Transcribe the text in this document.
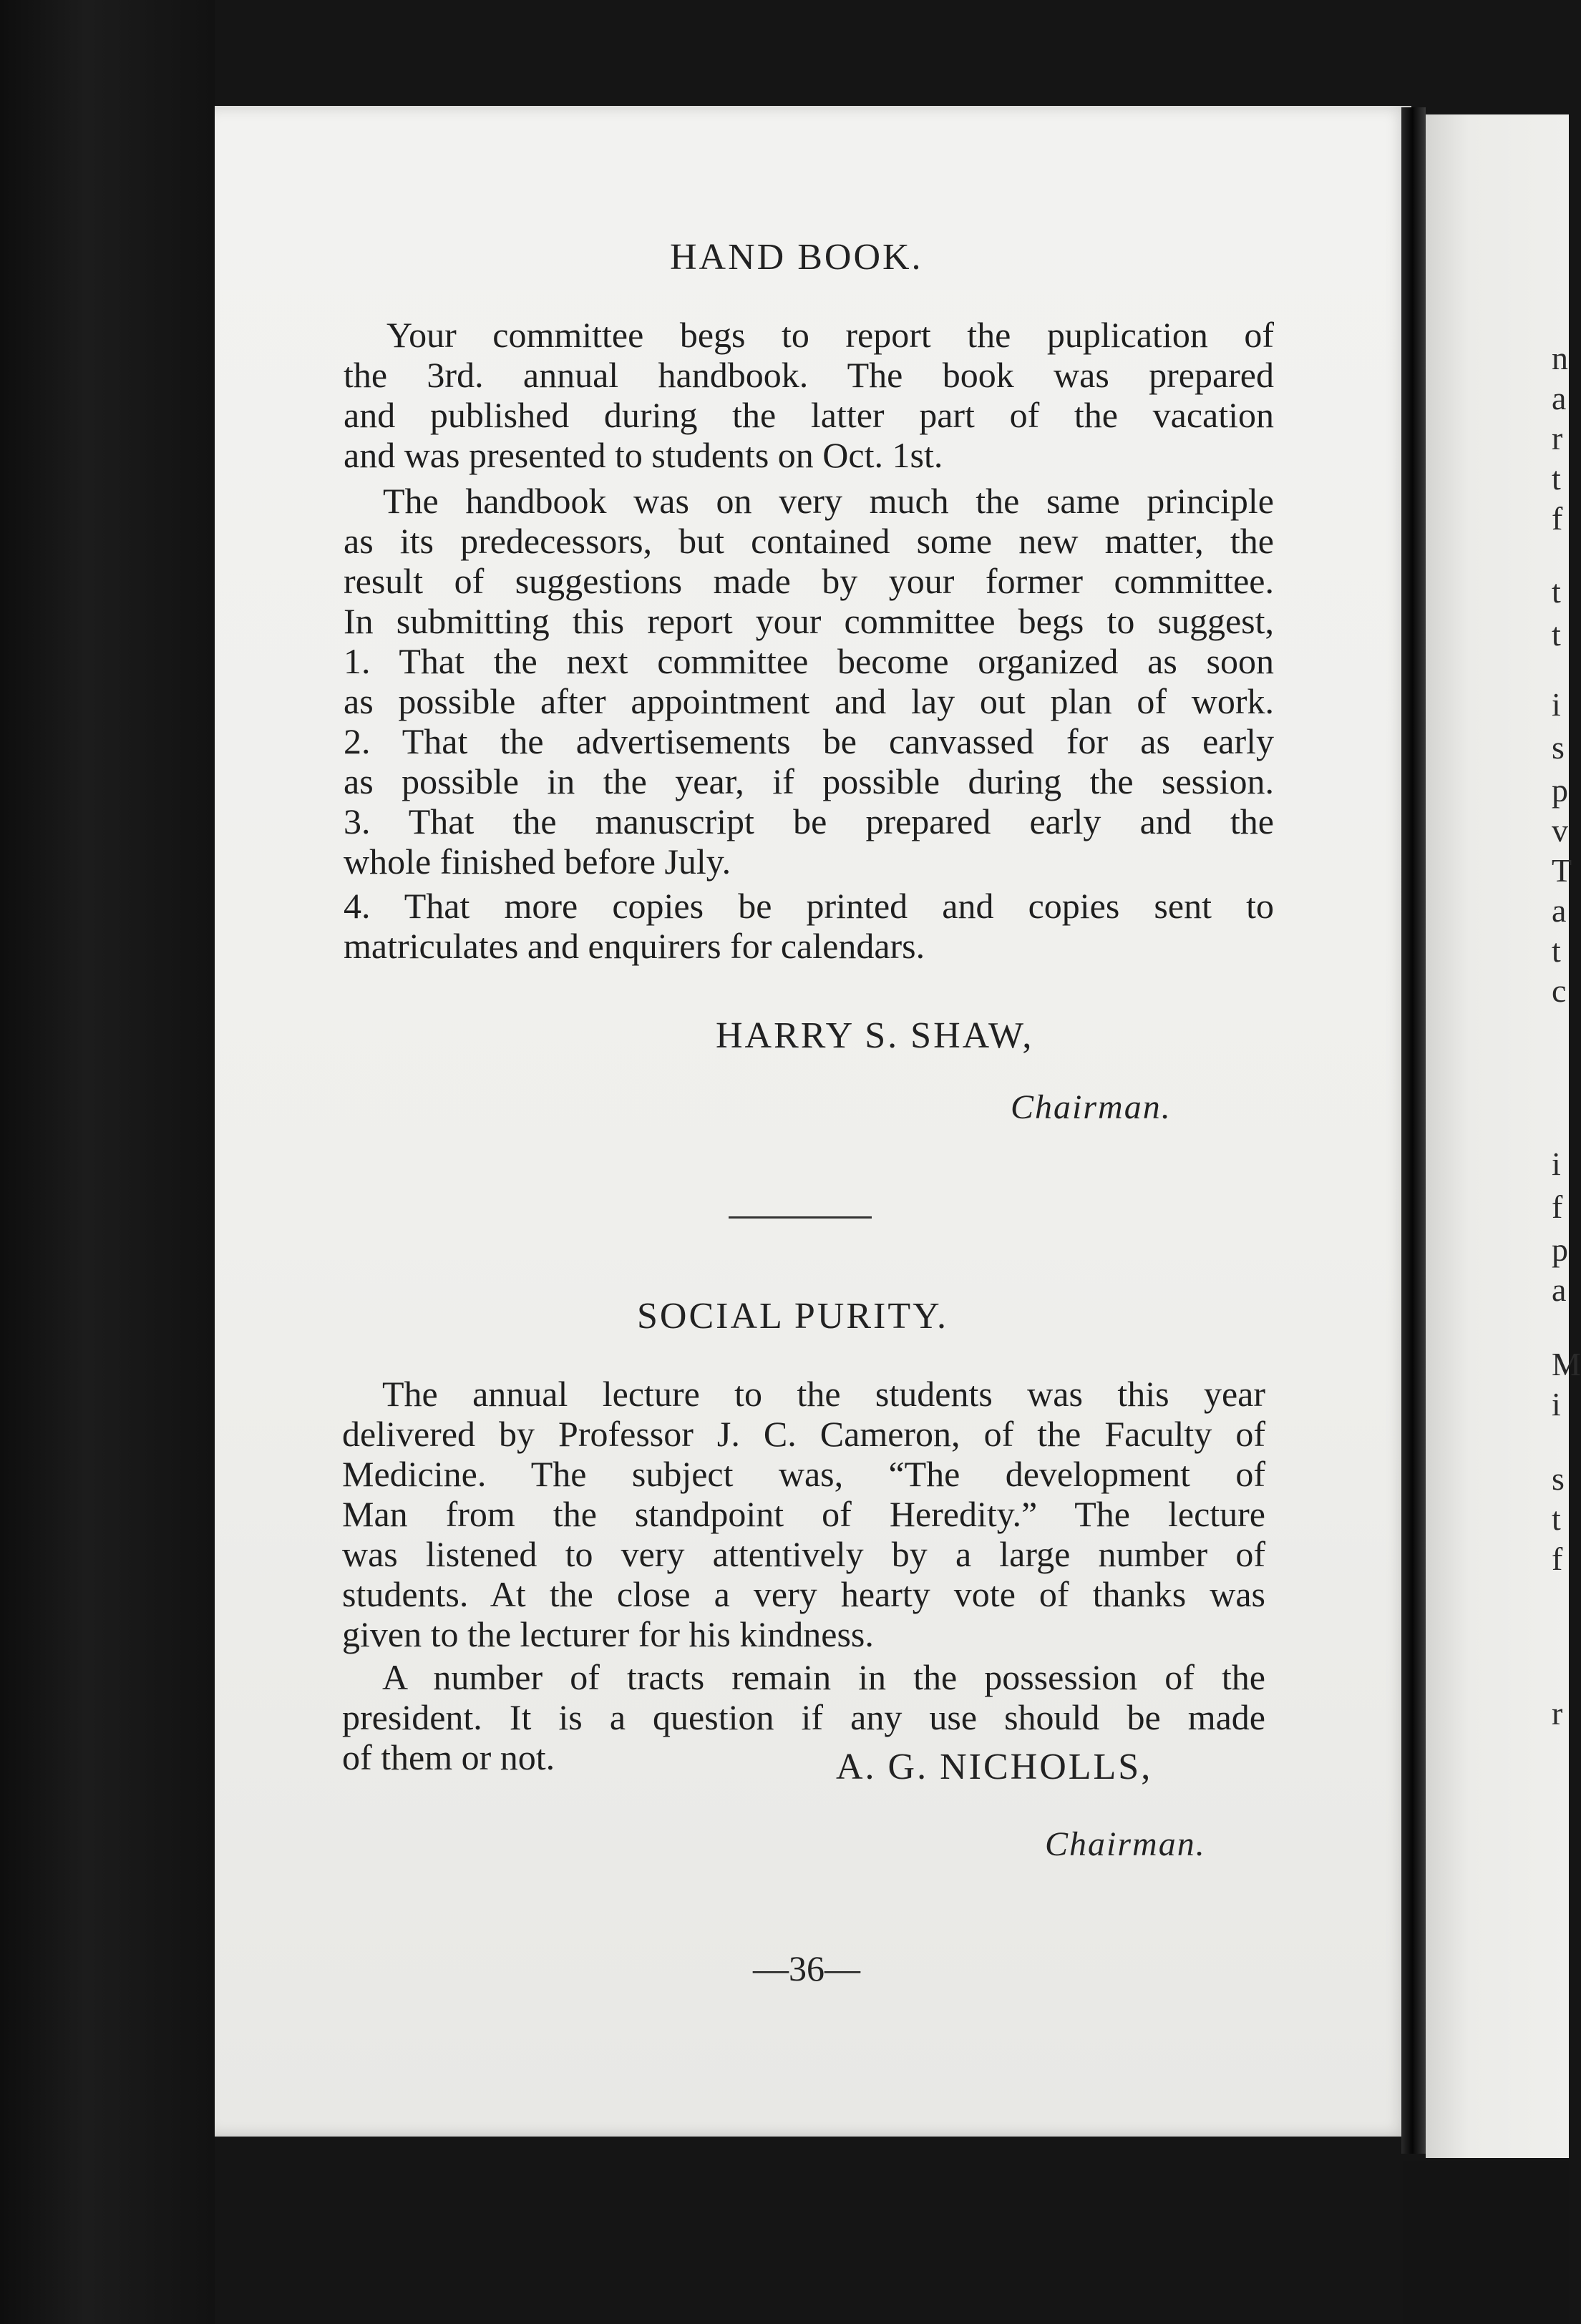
HAND BOOK.
Your committee begs to report the puplication of
the 3rd. annual handbook. The book was prepared
and published during the latter part of the vacation
and was presented to students on Oct. 1st.
The handbook was on very much the same principle
as its predecessors, but contained some new matter, the
result of suggestions made by your former committee.
In submitting this report your committee begs to suggest,
1. That the next committee become organized as soon
as possible after appointment and lay out plan of work.
2. That the advertisements be canvassed for as early
as possible in the year, if possible during the session.
3. That the manuscript be prepared early and the
whole finished before July.
4. That more copies be printed and copies sent to
matriculates and enquirers for calendars.
HARRY S. SHAW,
Chairman.
SOCIAL PURITY.
The annual lecture to the students was this year
delivered by Professor J. C. Cameron, of the Faculty of
Medicine. The subject was, “The development of
Man from the standpoint of Heredity.” The lecture
was listened to very attentively by a large number of
students. At the close a very hearty vote of thanks was
given to the lecturer for his kindness.
A number of tracts remain in the possession of the
president. It is a question if any use should be made
of them or not.	A. G. NICHOLLS,
Chairman.
—36—
n
a
r
t
f
t
t
i
s
p
v
T
a
t
c
i
f
p
a
M
i
s
t
f
r
